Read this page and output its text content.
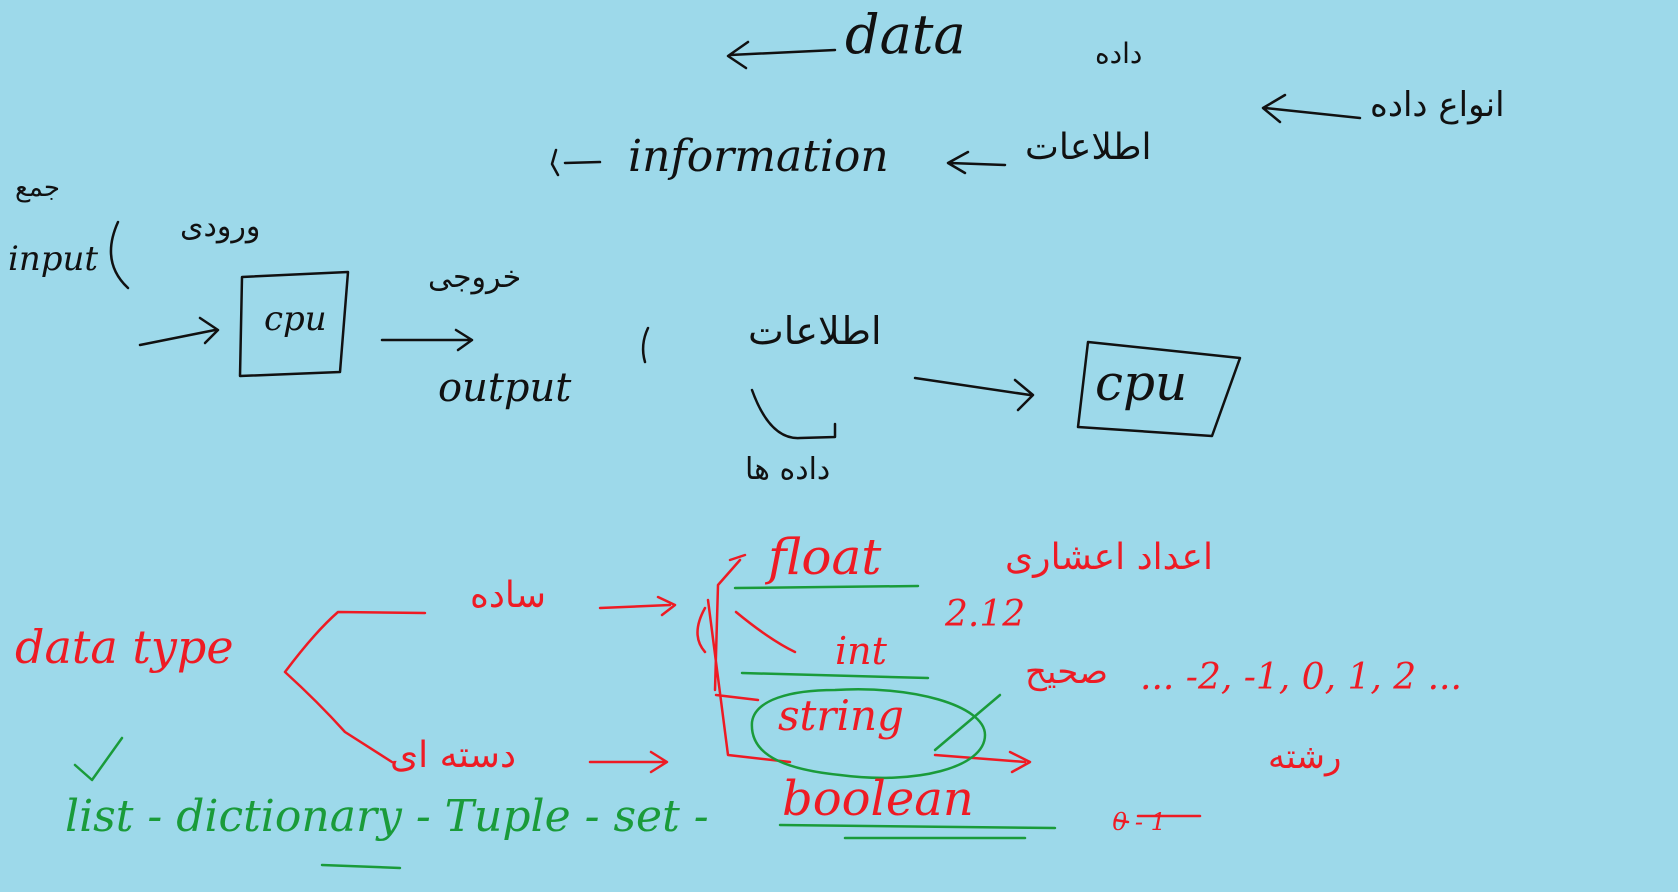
data	داده
انواع داده
information	اطلاعات
جمع
input
ورودی
cpu
خروجی
output
اطلاعات
داده ها
cpu
data type
ساده
دسته ای
float	اعداد اعشاری
2.12
int	صحیح ... -2, -1, 0, 1, 2 ...
string
رشته
boolean	0 - 1
list - dictionary - Tuple - set -
